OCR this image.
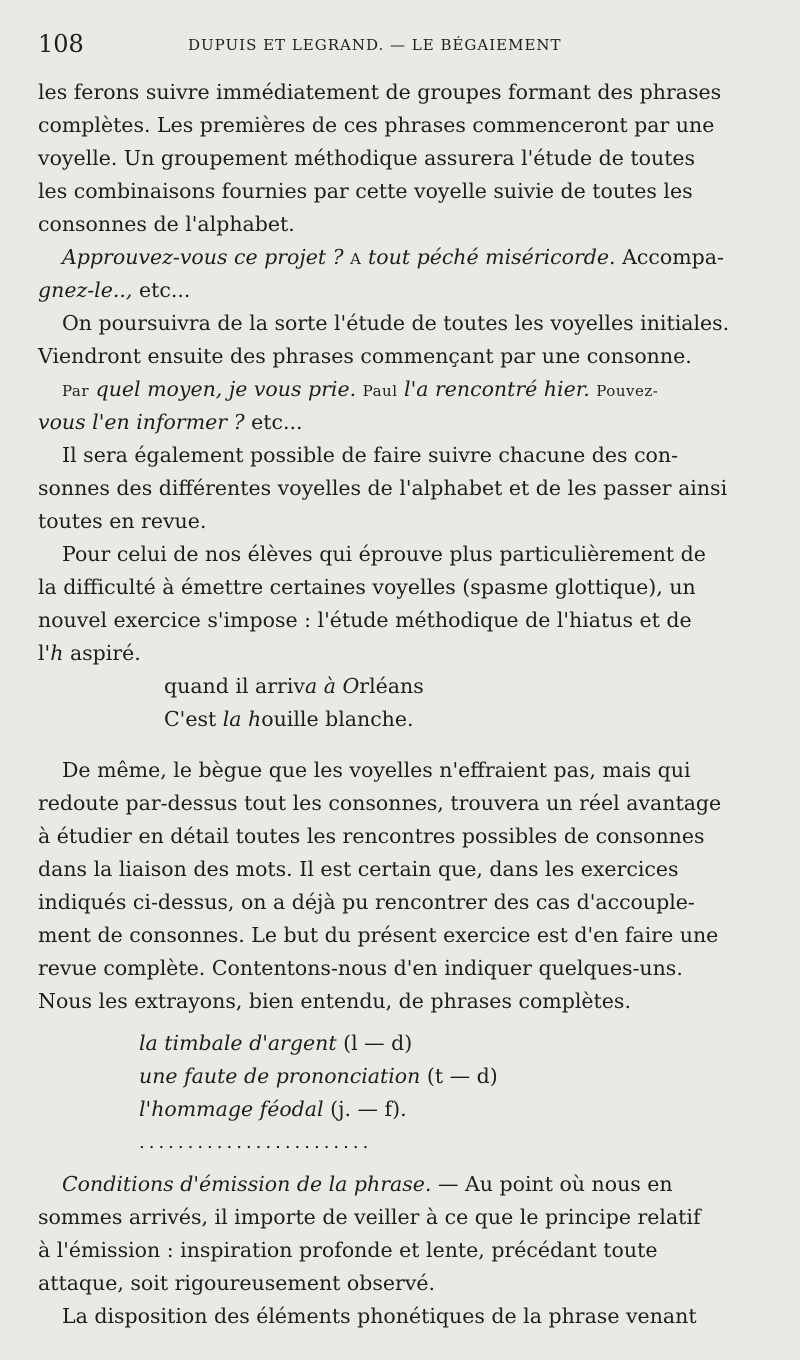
108	DUPUIS ET LEGRAND. — LE BÉGAIEMENT
les ferons suivre immédiatement de groupes formant des phrases
complètes. Les premières de ces phrases commenceront par une
voyelle. Un groupement méthodique assurera l'étude de toutes
les combinaisons fournies par cette voyelle suivie de toutes les
consonnes de l'alphabet.
Approuvez-vous ce projet ? A tout péché miséricorde. Accompa-
gnez-le.., etc...
On poursuivra de la sorte l'étude de toutes les voyelles initiales.
Viendront ensuite des phrases commençant par une consonne.
Par quel moyen, je vous prie. Paul l'a rencontré hier. Pouvez-
vous l'en informer ? etc...
Il sera également possible de faire suivre chacune des con-
sonnes des différentes voyelles de l'alphabet et de les passer ainsi
toutes en revue.
Pour celui de nos élèves qui éprouve plus particulièrement de
la difficulté à émettre certaines voyelles (spasme glottique), un
nouvel exercice s'impose : l'étude méthodique de l'hiatus et de
l'h aspiré.
quand il arriva à Orléans
C'est la houille blanche.
De même, le bègue que les voyelles n'effraient pas, mais qui
redoute par-dessus tout les consonnes, trouvera un réel avantage
à étudier en détail toutes les rencontres possibles de consonnes
dans la liaison des mots. Il est certain que, dans les exercices
indiqués ci-dessus, on a déjà pu rencontrer des cas d'accouple-
ment de consonnes. Le but du présent exercice est d'en faire une
revue complète. Contentons-nous d'en indiquer quelques-uns.
Nous les extrayons, bien entendu, de phrases complètes.
la timbale d'argent (l — d)
une faute de prononciation (t — d)
l'hommage féodal (j. — f).
........................
Conditions d'émission de la phrase. — Au point où nous en
sommes arrivés, il importe de veiller à ce que le principe relatif
à l'émission : inspiration profonde et lente, précédant toute
attaque, soit rigoureusement observé.
La disposition des éléments phonétiques de la phrase venant
